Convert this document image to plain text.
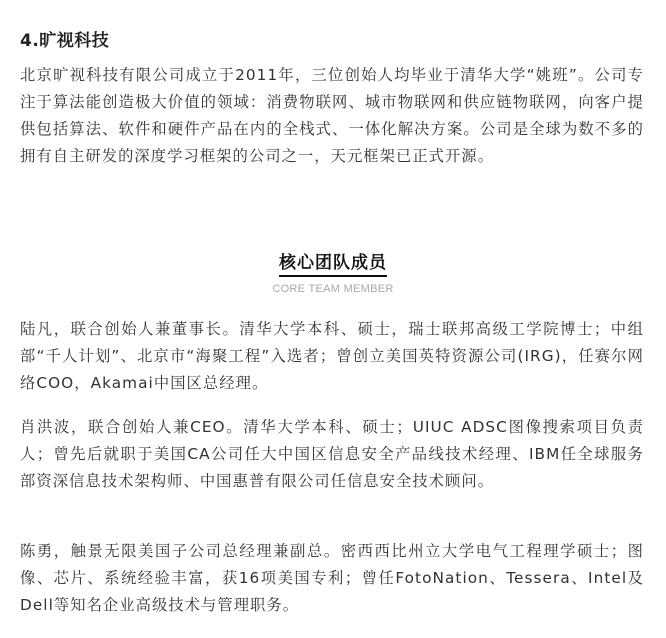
4.旷视科技

北京旷视科技有限公司成立于2011年，三位创始人均毕业于清华大学“姚班”。公司专注于算法能创造极大价值的领域：消费物联网、城市物联网和供应链物联网，向客户提供包括算法、软件和硬件产品在内的全栈式、一体化解决方案。公司是全球为数不多的拥有自主研发的深度学习框架的公司之一，天元框架已正式开源。

核心团队成员
CORE TEAM MEMBER

陆凡，联合创始人兼董事长。清华大学本科、硕士，瑞士联邦高级工学院博士；中组部“千人计划”、北京市“海聚工程”入选者；曾创立美国英特资源公司(IRG)，任赛尔网络COO，Akamai中国区总经理。

肖洪波，联合创始人兼CEO。清华大学本科、硕士；UIUC ADSC图像搜索项目负责人；曾先后就职于美国CA公司任大中国区信息安全产品线技术经理、IBM任全球服务部资深信息技术架构师、中国惠普有限公司任信息安全技术顾问。

陈勇，触景无限美国子公司总经理兼副总。密西西比州立大学电气工程理学硕士；图像、芯片、系统经验丰富，获16项美国专利；曾任FotoNation、Tessera、Intel及Dell等知名企业高级技术与管理职务。
